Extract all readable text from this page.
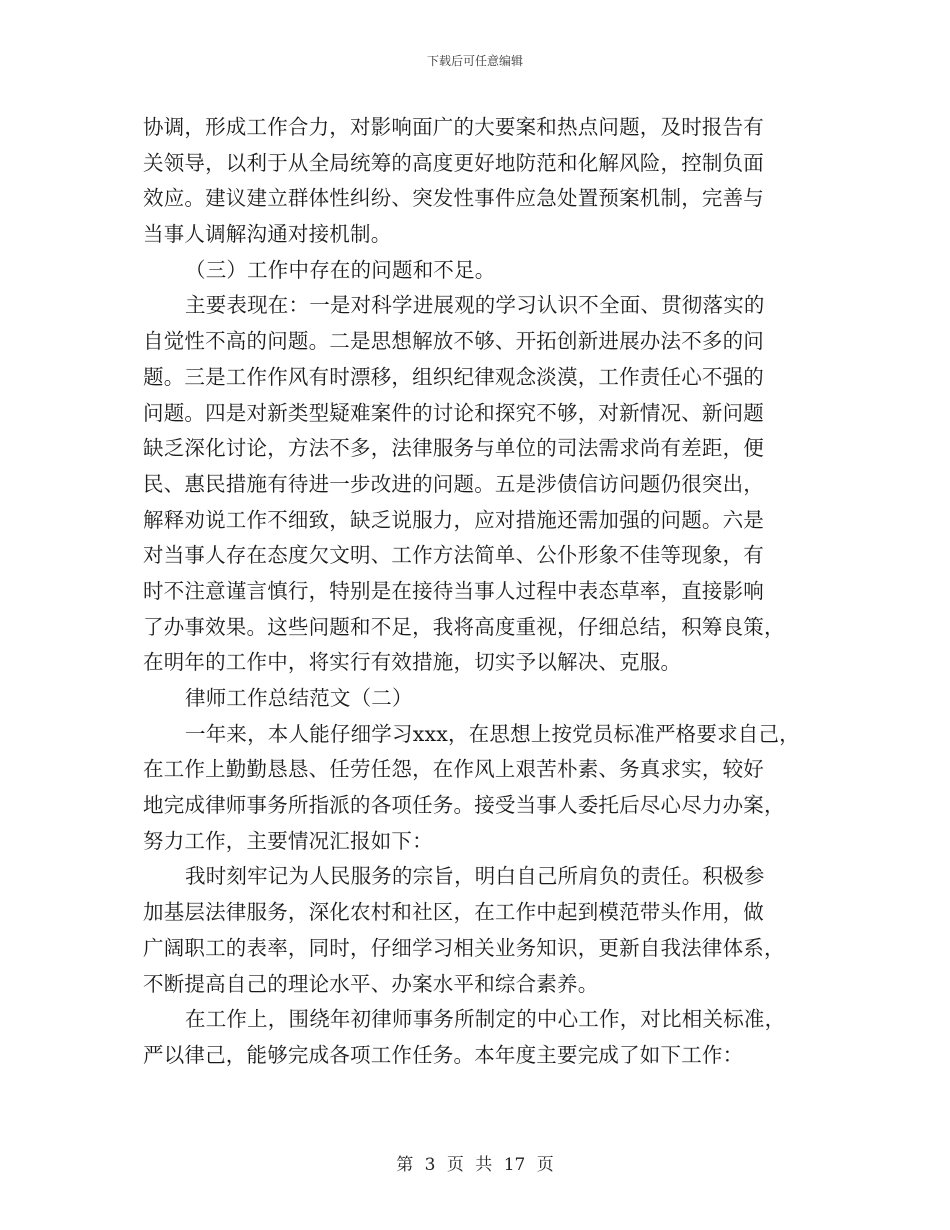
下载后可任意编辑
协调，形成工作合力，对影响面广的大要案和热点问题，及时报告有
关领导，以利于从全局统筹的高度更好地防范和化解风险，控制负面
效应。建议建立群体性纠纷、突发性事件应急处置预案机制，完善与
当事人调解沟通对接机制。
（三）工作中存在的问题和不足。
主要表现在：一是对科学进展观的学习认识不全面、贯彻落实的
自觉性不高的问题。二是思想解放不够、开拓创新进展办法不多的问
题。三是工作作风有时漂移，组织纪律观念淡漠，工作责任心不强的
问题。四是对新类型疑难案件的讨论和探究不够，对新情况、新问题
缺乏深化讨论，方法不多，法律服务与单位的司法需求尚有差距，便
民、惠民措施有待进一步改进的问题。五是涉债信访问题仍很突出，
解释劝说工作不细致，缺乏说服力，应对措施还需加强的问题。六是
对当事人存在态度欠文明、工作方法简单、公仆形象不佳等现象，有
时不注意谨言慎行，特别是在接待当事人过程中表态草率，直接影响
了办事效果。这些问题和不足，我将高度重视，仔细总结，积筹良策，
在明年的工作中，将实行有效措施，切实予以解决、克服。
律师工作总结范文（二）
一年来，本人能仔细学习xxx，在思想上按党员标准严格要求自己，
在工作上勤勤恳恳、任劳任怨，在作风上艰苦朴素、务真求实，较好
地完成律师事务所指派的各项任务。接受当事人委托后尽心尽力办案，
努力工作，主要情况汇报如下：
我时刻牢记为人民服务的宗旨，明白自己所肩负的责任。积极参
加基层法律服务，深化农村和社区，在工作中起到模范带头作用，做
广阔职工的表率，同时，仔细学习相关业务知识，更新自我法律体系，
不断提高自己的理论水平、办案水平和综合素养。
在工作上，围绕年初律师事务所制定的中心工作，对比相关标准，
严以律己，能够完成各项工作任务。本年度主要完成了如下工作：
第 3 页 共 17 页
